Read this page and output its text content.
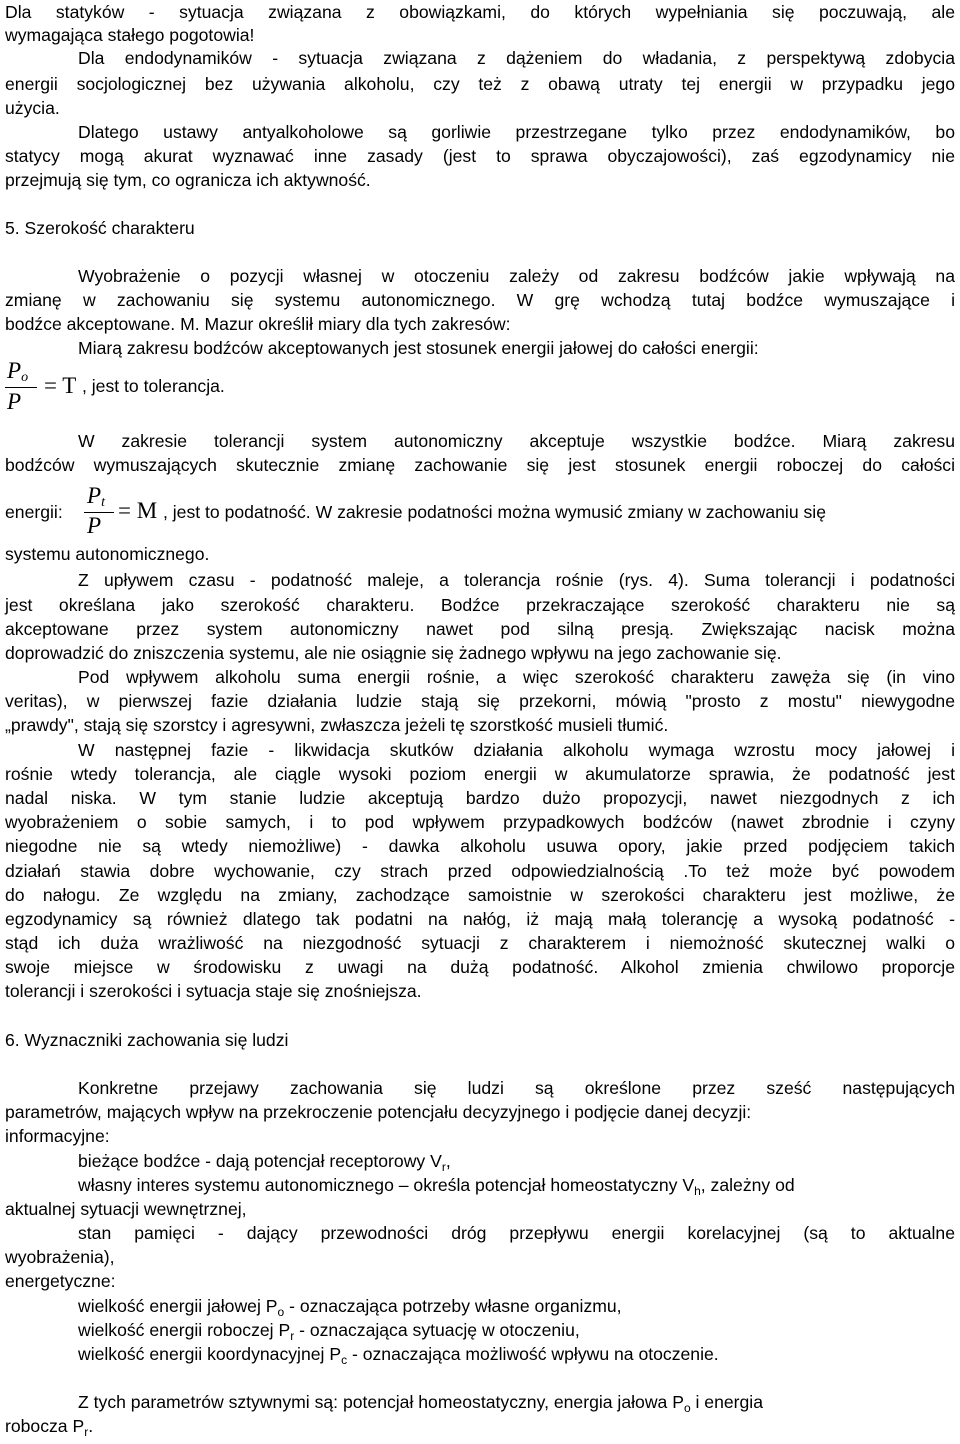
Dla statyków - sytuacja związana z obowiązkami, do których wypełniania się poczuwają, ale
wymagająca stałego pogotowia!
Dla endodynamików - sytuacja związana z dążeniem do władania, z perspektywą zdobycia
energii socjologicznej bez używania alkoholu, czy też z obawą utraty tej energii w przypadku jego
użycia.
Dlatego ustawy antyalkoholowe są gorliwie przestrzegane tylko przez endodynamików, bo
statycy mogą akurat wyznawać inne zasady (jest to sprawa obyczajowości), zaś egzodynamicy nie
przejmują się tym, co ogranicza ich aktywność.
5. Szerokość charakteru
Wyobrażenie o pozycji własnej w otoczeniu zależy od zakresu bodźców jakie wpływają na
zmianę w zachowaniu się systemu autonomicznego. W grę wchodzą tutaj bodźce wymuszające i
bodźce akceptowane. M. Mazur określił miary dla tych zakresów:
Miarą zakresu bodźców akceptowanych jest stosunek energii jałowej do całości energii:
Po
P
= T , jest to tolerancja.
W zakresie tolerancji system autonomiczny akceptuje wszystkie bodźce. Miarą zakresu
bodźców wymuszających skutecznie zmianę zachowanie się jest stosunek energii roboczej do całości
energii:
Pt
P
= M , jest to podatność. W zakresie podatności można wymusić zmiany w zachowaniu się
systemu autonomicznego.
Z upływem czasu - podatność maleje, a tolerancja rośnie (rys. 4). Suma tolerancji i podatności
jest określana jako szerokość charakteru. Bodźce przekraczające szerokość charakteru nie są
akceptowane przez system autonomiczny nawet pod silną presją. Zwiększając nacisk można
doprowadzić do zniszczenia systemu, ale nie osiągnie się żadnego wpływu na jego zachowanie się.
Pod wpływem alkoholu suma energii rośnie, a więc szerokość charakteru zawęża się (in vino
veritas), w pierwszej fazie działania ludzie stają się przekorni, mówią "prosto z mostu" niewygodne
„prawdy", stają się szorstcy i agresywni, zwłaszcza jeżeli tę szorstkość musieli tłumić.
W następnej fazie - likwidacja skutków działania alkoholu wymaga wzrostu mocy jałowej i
rośnie wtedy tolerancja, ale ciągle wysoki poziom energii w akumulatorze sprawia, że podatność jest
nadal niska. W tym stanie ludzie akceptują bardzo dużo propozycji, nawet niezgodnych z ich
wyobrażeniem o sobie samych, i to pod wpływem przypadkowych bodźców (nawet zbrodnie i czyny
niegodne nie są wtedy niemożliwe) - dawka alkoholu usuwa opory, jakie przed podjęciem takich
działań stawia dobre wychowanie, czy strach przed odpowiedzialnością .To też może być powodem
do nałogu. Ze względu na zmiany, zachodzące samoistnie w szerokości charakteru jest możliwe, że
egzodynamicy są również dlatego tak podatni na nałóg, iż mają małą tolerancję a wysoką podatność -
stąd ich duża wrażliwość na niezgodność sytuacji z charakterem i niemożność skutecznej walki o
swoje miejsce w środowisku z uwagi na dużą podatność. Alkohol zmienia chwilowo proporcje
tolerancji i szerokości i sytuacja staje się znośniejsza.
6. Wyznaczniki zachowania się ludzi
Konkretne przejawy zachowania się ludzi są określone przez sześć następujących
parametrów, mających wpływ na przekroczenie potencjału decyzyjnego i podjęcie danej decyzji:
informacyjne:
bieżące bodźce - dają potencjał receptorowy $V_r$,
własny interes systemu autonomicznego – określa potencjał homeostatyczny $V_h$, zależny od
aktualnej sytuacji wewnętrznej,
stan pamięci - dający przewodności dróg przepływu energii korelacyjnej (są to aktualne
wyobrażenia),
energetyczne:
wielkość energii jałowej $P_o$ - oznaczająca potrzeby własne organizmu,
wielkość energii roboczej $P_r$ - oznaczająca sytuację w otoczeniu,
wielkość energii koordynacyjnej $P_c$ - oznaczająca możliwość wpływu na otoczenie.
Z tych parametrów sztywnymi są: potencjał homeostatyczny, energia jałowa $P_o$ i energia
robocza $P_r$.
